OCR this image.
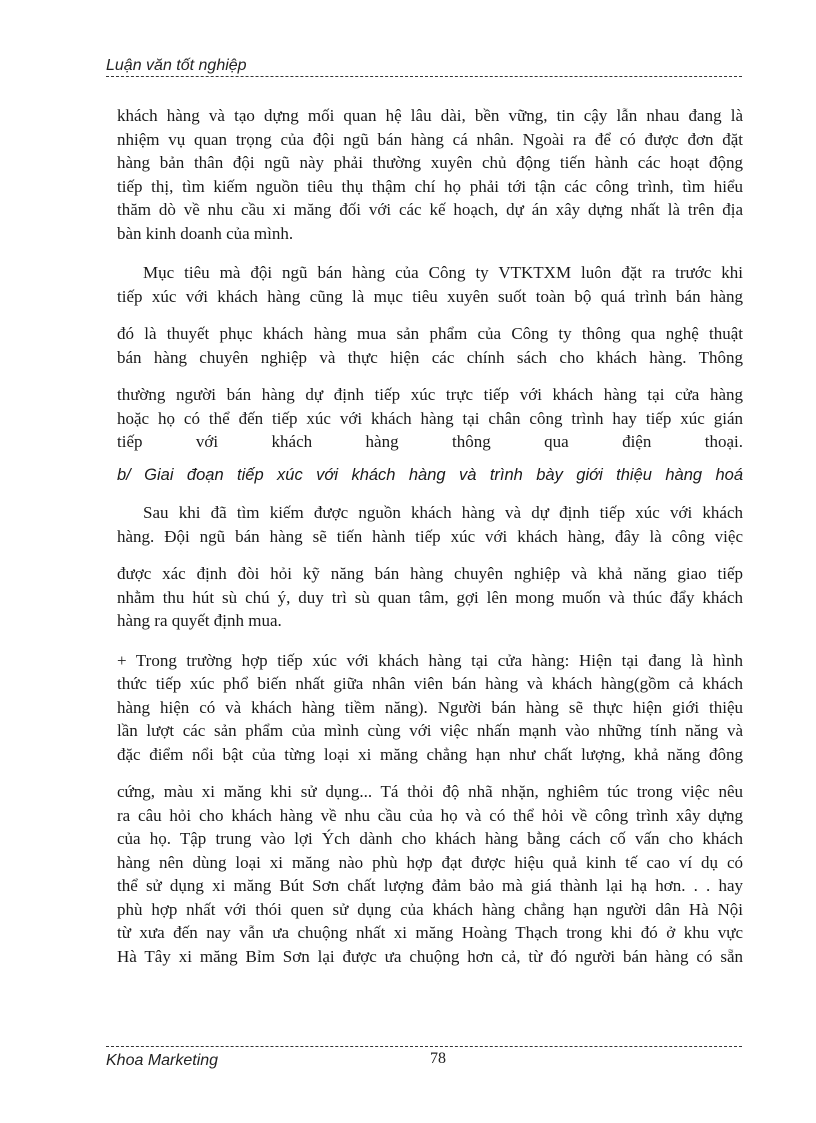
Luận văn tốt nghiệp

khách hàng và tạo dựng mối quan hệ lâu dài, bền vững, tin cậy lẫn nhau đang là
nhiệm vụ quan trọng của đội ngũ bán hàng cá nhân. Ngoài ra để có được đơn đặt
hàng bản thân đội ngũ này phải thường xuyên chủ động tiến hành các hoạt động
tiếp thị, tìm kiếm nguồn tiêu thụ thậm chí họ phải tới tận các công trình, tìm hiểu
thăm dò về nhu cầu xi măng đối với các kế hoạch, dự án xây dựng nhất là trên địa
bàn kinh doanh của mình.

Mục tiêu mà đội ngũ bán hàng của Công ty VTKTXM luôn đặt ra trước khi
tiếp xúc với khách hàng cũng là mục tiêu xuyên suốt toàn bộ quá trình bán hàng

đó là thuyết phục khách hàng mua sản phẩm của Công ty thông qua nghệ thuật
bán hàng chuyên nghiệp và thực hiện các chính sách cho khách hàng. Thông

thường người bán hàng dự định tiếp xúc trực tiếp với khách hàng tại cửa hàng
hoặc họ có thể đến tiếp xúc với khách hàng tại chân công trình hay tiếp xúc gián
tiếp với khách hàng thông qua điện thoại.

b/ Giai đoạn tiếp xúc với khách hàng và trình bày giới thiệu hàng hoá

Sau khi đã tìm kiếm được nguồn khách hàng và dự định tiếp xúc với khách
hàng. Đội ngũ bán hàng sẽ tiến hành tiếp xúc với khách hàng, đây là công việc

được xác định đòi hỏi kỹ năng bán hàng chuyên nghiệp và khả năng giao tiếp
nhằm thu hút sù chú ý, duy trì sù quan tâm, gợi lên mong muốn và thúc đẩy khách
hàng ra quyết định mua.

+ Trong trường hợp tiếp xúc với khách hàng tại cửa hàng: Hiện tại đang là hình
thức tiếp xúc phổ biến nhất giữa nhân viên bán hàng và khách hàng(gồm cả khách
hàng hiện có và khách hàng tiềm năng). Người bán hàng sẽ thực hiện giới thiệu
lần lượt các sản phẩm của mình cùng với việc nhấn mạnh vào những tính năng và
đặc điểm nổi bật của từng loại xi măng chẳng hạn như chất lượng, khả năng đông

cứng, màu xi măng khi sử dụng... Tá thỏi độ nhã nhặn, nghiêm túc trong việc nêu
ra câu hỏi cho khách hàng về nhu cầu của họ và có thể hỏi về công trình xây dựng
của họ. Tập trung vào lợi Ých dành cho khách hàng bằng cách cố vấn cho khách
hàng nên dùng loại xi măng nào phù hợp đạt được hiệu quả kinh tế cao ví dụ có
thể sử dụng xi măng Bút Sơn chất lượng đảm bảo mà giá thành lại hạ hơn. . . hay
phù hợp nhất với thói quen sử dụng của khách hàng chẳng hạn người dân Hà Nội
từ xưa đến nay vẫn ưa chuộng nhất xi măng Hoàng Thạch trong khi đó ở khu vực
Hà Tây xi măng Bỉm Sơn lại được ưa chuộng hơn cả, từ đó người bán hàng có sẵn

Khoa Marketing	78
